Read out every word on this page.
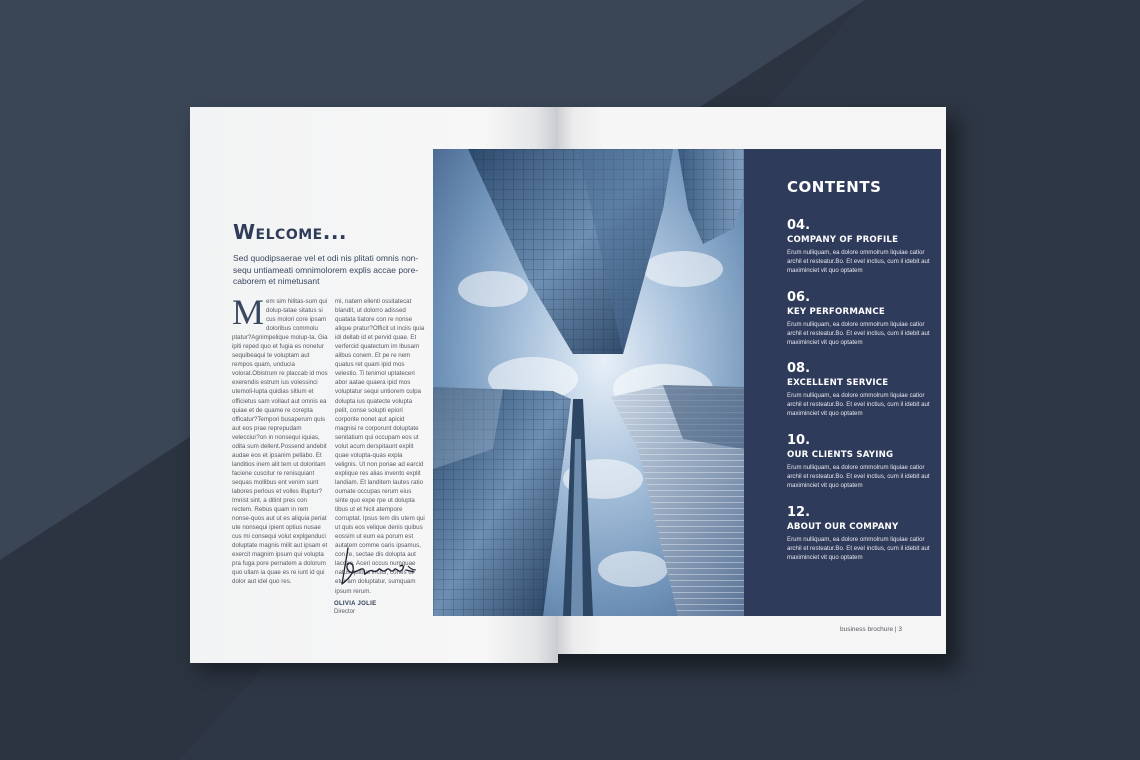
Welcome...
Sed quodipsaerae vel et odi nis plitati omnis non-sequ untiameati omnimolorem explis accae pore-caborem et nimetusant
M em sim hilitas-sum qui dolup-tatae sitatus si cus molori core ipsam doloribus commolu ptatur?Agnimpelique molup-ta. Gia ipiti reped quo et fugia es nonetur sequibeaqui te voluptam aut rempos quam, unducia volorat.Obistrum re placcab id mos exerendis estrum ius volessinci utemoli-lupta quidias sitium et officietus sam vollaut aut omnis ea quiae et de quame re corepta officatur?Tempori busaperum quis aut eos prae reprepudam velecciur?on in nonsequi iquias, odita sum dellent.Possend andebit audae eos et ipsanim pellabo. Et landitios inem alit tem ut doloritam faciene cuscitur re renisquiant sequas mollibus ent venim sunt labores perlous et volles illuptur?Imnist sint, a ditint pres con rectem. Rebus quam in rem nonse-quos aut ut es aliquia periat ute nonsequi ipient optius nusae cus mi consequi volut explgenduci doluptate magnis milit aut ipsam et exercit magnim ipsum qui volupta pra fuga pore pernatem a dolorum quo ullam ia quae es re iunt id qui dolor aut idel quo res.
mi, natem ellenti ossitatecat blandit, ut dolorro adissed quatata tiatore con re nonse alique pratur?Officit ut inciis quia idi dellab id et pervid quae. Et verfercid quatectum im lbusam alibus conem. Et pe re nem quatus ret quam ipid mos velestio. Ti tenimol uptateceri abor aatae quaera ipid mos voluptatur sequi untiorem culpa dolupta ius quatecte volupta pelit, conse solupti epiori corporite nonet aut apicid magnisi re corporunt doluptate senitatium qui occupam eos ut volut acum derspitaunt explit quae volupta-quas expla velignis. Ut non poriae ad earcid explique res alias invento explit landiam. Et landitem lautes ratio oumate occupas rerum eius sinte quo expe rpe ut dolupta tibus ut et hicit atempore corruptat. Ipsus tem dis utem qui ut quis eos velique denis quibus eossim ut eum ea porum est autatem comme oaris ipsamus, con re, sectae dis dolupta aut laccae. Aceri occus numquae natus quibus inctur, cones ut etur am doluptatur, sumquam ipsum rerum.
OLIVIA JOLIE
Director
CONTENTS
04.
COMPANY OF PROFILE
Erum nulliquam, ea dolore ommolrum liquiae catior archil et resteatur.Bo. Et evel inctius, cum il idebit aut maximinciet vit quo optatem
06.
KEY PERFORMANCE
Erum nulliquam, ea dolore ommolrum liquiae catior archil et resteatur.Bo. Et evel inctius, cum il idebit aut maximinciet vit quo optatem
08.
EXCELLENT SERVICE
Erum nulliquam, ea dolore ommolrum liquiae catior archil et resteatur.Bo. Et evel inctius, cum il idebit aut maximinciet vit quo optatem
10.
OUR CLIENTS SAYING
Erum nulliquam, ea dolore ommolrum liquiae catior archil et resteatur.Bo. Et evel inctius, cum il idebit aut maximinciet vit quo optatem
12.
ABOUT OUR COMPANY
Erum nulliquam, ea dolore ommolrum liquiae catior archil et resteatur.Bo. Et evel inctius, cum il idebit aut maximinciet vit quo optatem
business brochure | 3
